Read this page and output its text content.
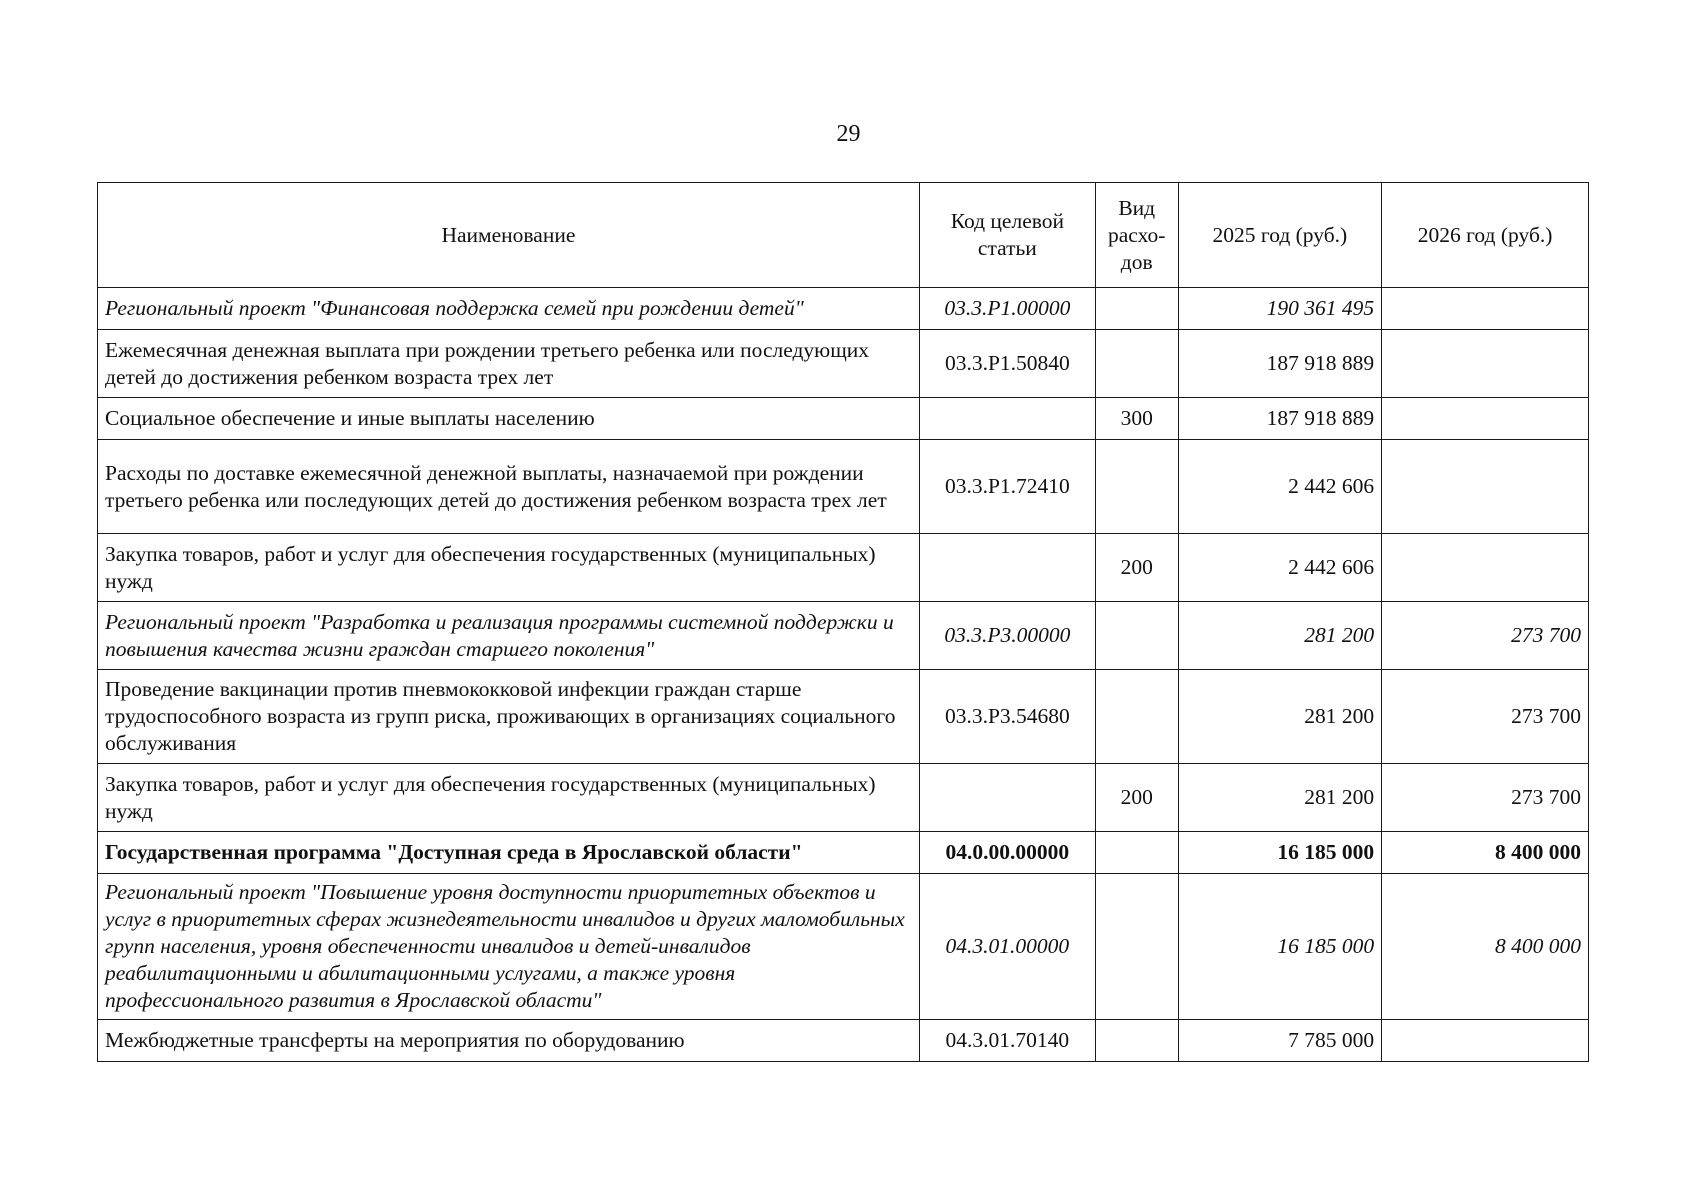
29
Наименование	Код целевой статьи	Вид расхо-дов	2025 год (руб.)	2026 год (руб.)
Региональный проект "Финансовая поддержка семей при рождении детей"	03.3.Р1.00000		190 361 495	
Ежемесячная денежная выплата при рождении третьего ребенка или последующих детей до достижения ребенком возраста трех лет	03.3.Р1.50840		187 918 889	
Социальное обеспечение и иные выплаты населению		300	187 918 889	
Расходы по доставке ежемесячной денежной выплаты, назначаемой при рождении третьего ребенка или последующих детей до достижения ребенком возраста трех лет	03.3.Р1.72410		2 442 606	
Закупка товаров, работ и услуг для обеспечения государственных (муниципальных) нужд		200	2 442 606	
Региональный проект "Разработка и реализация программы системной поддержки и повышения качества жизни граждан старшего поколения"	03.3.Р3.00000		281 200	273 700
Проведение вакцинации против пневмококковой инфекции граждан старше трудоспособного возраста из групп риска, проживающих в организациях социального обслуживания	03.3.Р3.54680		281 200	273 700
Закупка товаров, работ и услуг для обеспечения государственных (муниципальных) нужд		200	281 200	273 700
Государственная программа "Доступная среда в Ярославской области"	04.0.00.00000		16 185 000	8 400 000
Региональный проект "Повышение уровня доступности приоритетных объектов и услуг в приоритетных сферах жизнедеятельности инвалидов и других маломобильных групп населения, уровня обеспеченности инвалидов и детей-инвалидов реабилитационными и абилитационными услугами, а также уровня профессионального развития в Ярославской области"	04.3.01.00000		16 185 000	8 400 000
Межбюджетные трансферты на мероприятия по оборудованию	04.3.01.70140		7 785 000	
